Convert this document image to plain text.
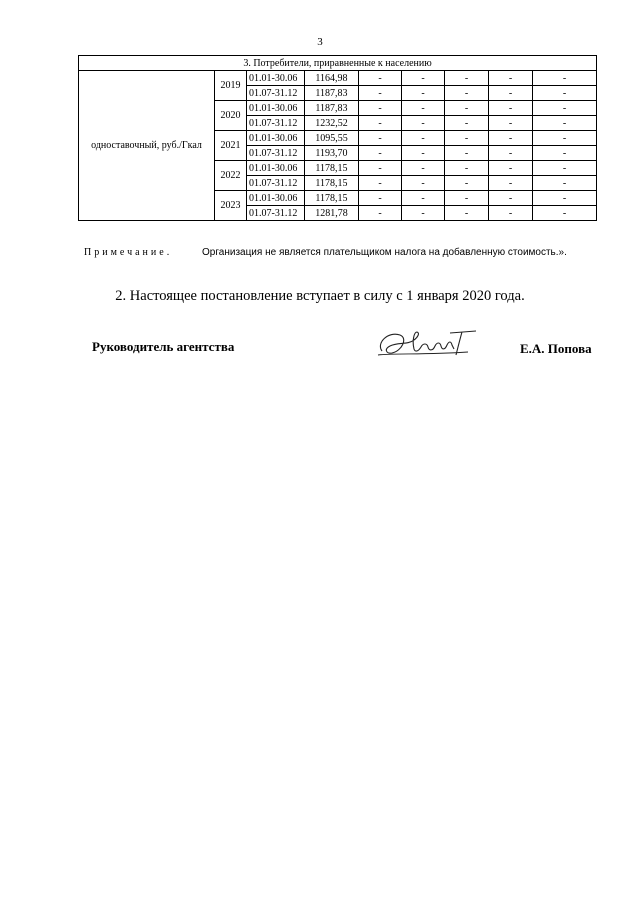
3
3. Потребители, приравненные к населению								
одноставочный, руб./Гкал	2019	01.01-30.06	1164,98	-	-	-	-	-
		01.07-31.12	1187,83	-	-	-	-	-
	2020	01.01-30.06	1187,83	-	-	-	-	-
		01.07-31.12	1232,52	-	-	-	-	-
	2021	01.01-30.06	1095,55	-	-	-	-	-
		01.07-31.12	1193,70	-	-	-	-	-
	2022	01.01-30.06	1178,15	-	-	-	-	-
		01.07-31.12	1178,15	-	-	-	-	-
	2023	01.01-30.06	1178,15	-	-	-	-	-
		01.07-31.12	1281,78	-	-	-	-	-
Примечание.	Организация не является плательщиком налога на добавленную стоимость.».
2. Настоящее постановление вступает в силу с 1 января 2020 года.
Руководитель агентства	Е.А. Попова
